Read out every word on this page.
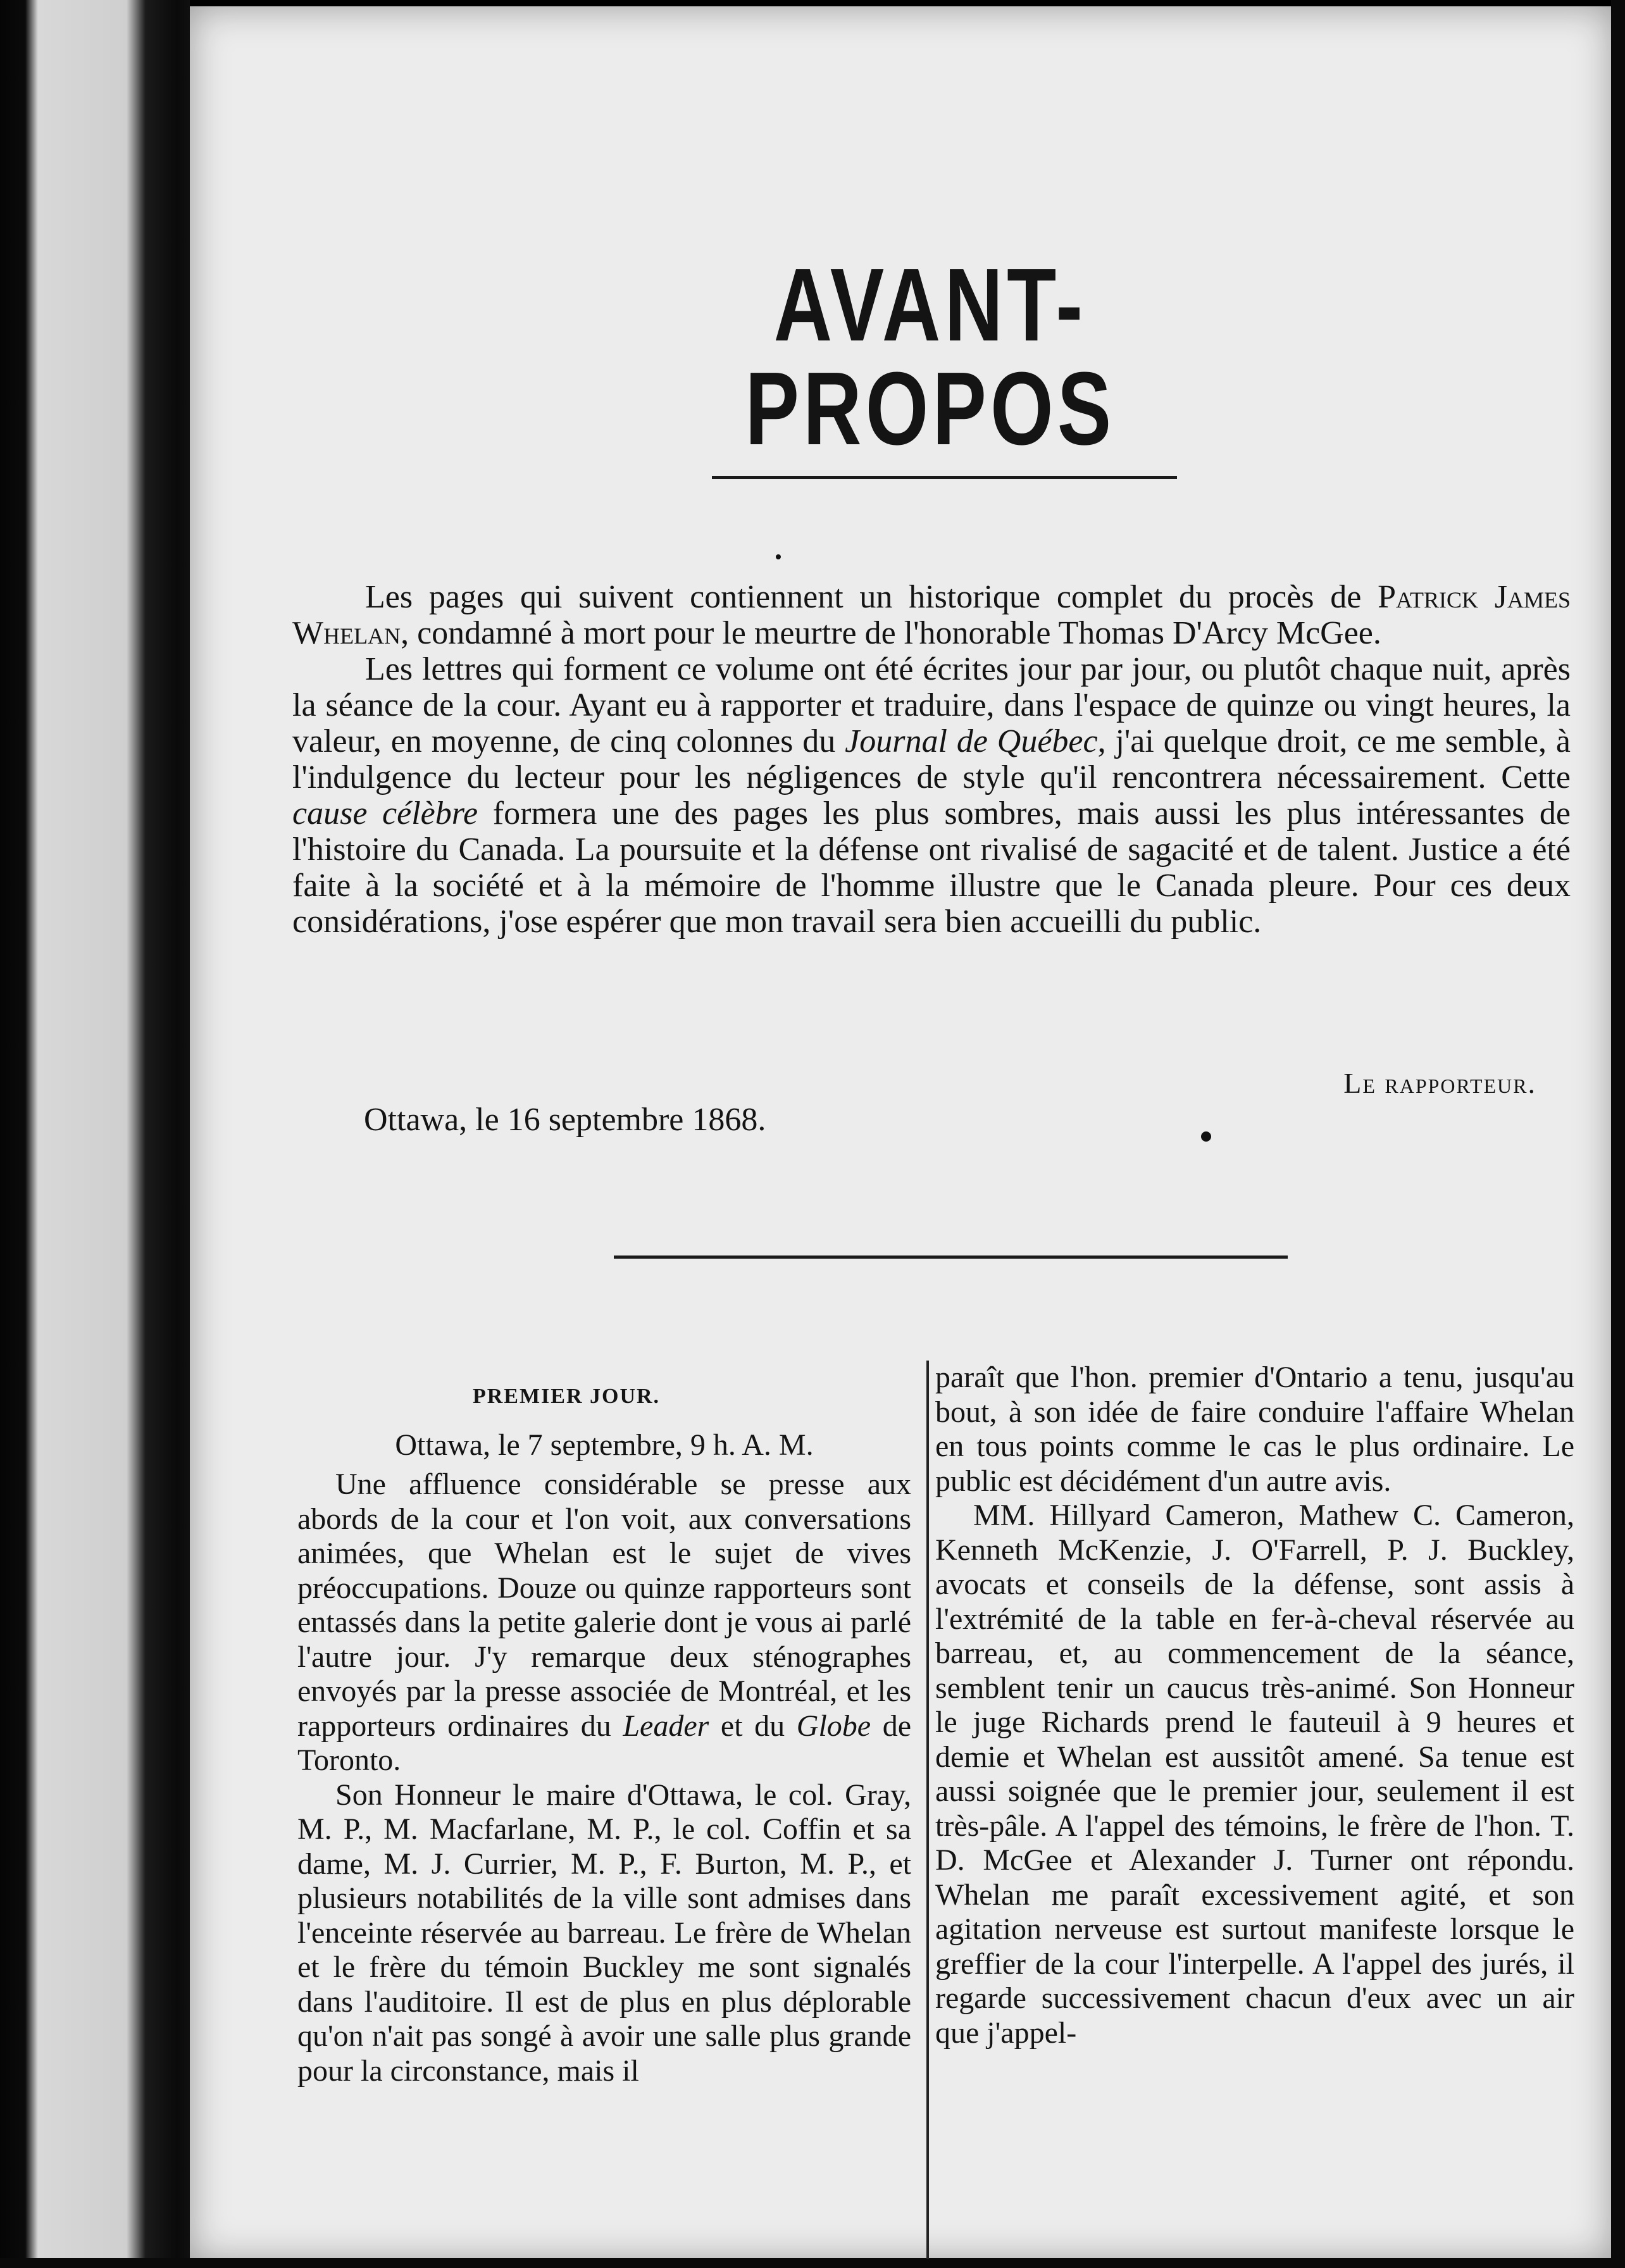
AVANT-PROPOS

Les pages qui suivent contiennent un historique complet du procès de Patrick James Whelan, condamné à mort pour le meurtre de l'honorable Thomas D'Arcy McGee.

Les lettres qui forment ce volume ont été écrites jour par jour, ou plutôt chaque nuit, après la séance de la cour. Ayant eu à rapporter et traduire, dans l'espace de quinze ou vingt heures, la valeur, en moyenne, de cinq colonnes du Journal de Québec, j'ai quelque droit, ce me semble, à l'indulgence du lecteur pour les négligences de style qu'il rencontrera nécessairement. Cette cause célèbre formera une des pages les plus sombres, mais aussi les plus intéressantes de l'histoire du Canada. La poursuite et la défense ont rivalisé de sagacité et de talent. Justice a été faite à la société et à la mémoire de l'homme illustre que le Canada pleure. Pour ces deux considérations, j'ose espérer que mon travail sera bien accueilli du public.

Le rapporteur.
Ottawa, le 16 septembre 1868.
PREMIER JOUR.
Ottawa, le 7 septembre, 9 h. A. M.

Une affluence considérable se presse aux abords de la cour et l'on voit, aux conversations animées, que Whelan est le sujet de vives préoccupations. Douze ou quinze rapporteurs sont entassés dans la petite galerie dont je vous ai parlé l'autre jour. J'y remarque deux sténographes envoyés par la presse associée de Montréal, et les rapporteurs ordinaires du Leader et du Globe de Toronto.

Son Honneur le maire d'Ottawa, le col. Gray, M. P., M. Macfarlane, M. P., le col. Coffin et sa dame, M. J. Currier, M. P., F. Burton, M. P., et plusieurs notabilités de la ville sont admises dans l'enceinte réservée au barreau. Le frère de Whelan et le frère du témoin Buckley me sont signalés dans l'auditoire. Il est de plus en plus déplorable qu'on n'ait pas songé à avoir une salle plus grande pour la circonstance, mais il

paraît que l'hon. premier d'Ontario a tenu, jusqu'au bout, à son idée de faire conduire l'affaire Whelan en tous points comme le cas le plus ordinaire. Le public est décidément d'un autre avis.

MM. Hillyard Cameron, Mathew C. Cameron, Kenneth McKenzie, J. O'Farrell, P. J. Buckley, avocats et conseils de la défense, sont assis à l'extrémité de la table en fer-à-cheval réservée au barreau, et, au commencement de la séance, semblent tenir un caucus très-animé. Son Honneur le juge Richards prend le fauteuil à 9 heures et demie et Whelan est aussitôt amené. Sa tenue est aussi soignée que le premier jour, seulement il est très-pâle. A l'appel des témoins, le frère de l'hon. T. D. McGee et Alexander J. Turner ont répondu. Whelan me paraît excessivement agité, et son agitation nerveuse est surtout manifeste lorsque le greffier de la cour l'interpelle. A l'appel des jurés, il regarde successivement chacun d'eux avec un air que j'appel-
